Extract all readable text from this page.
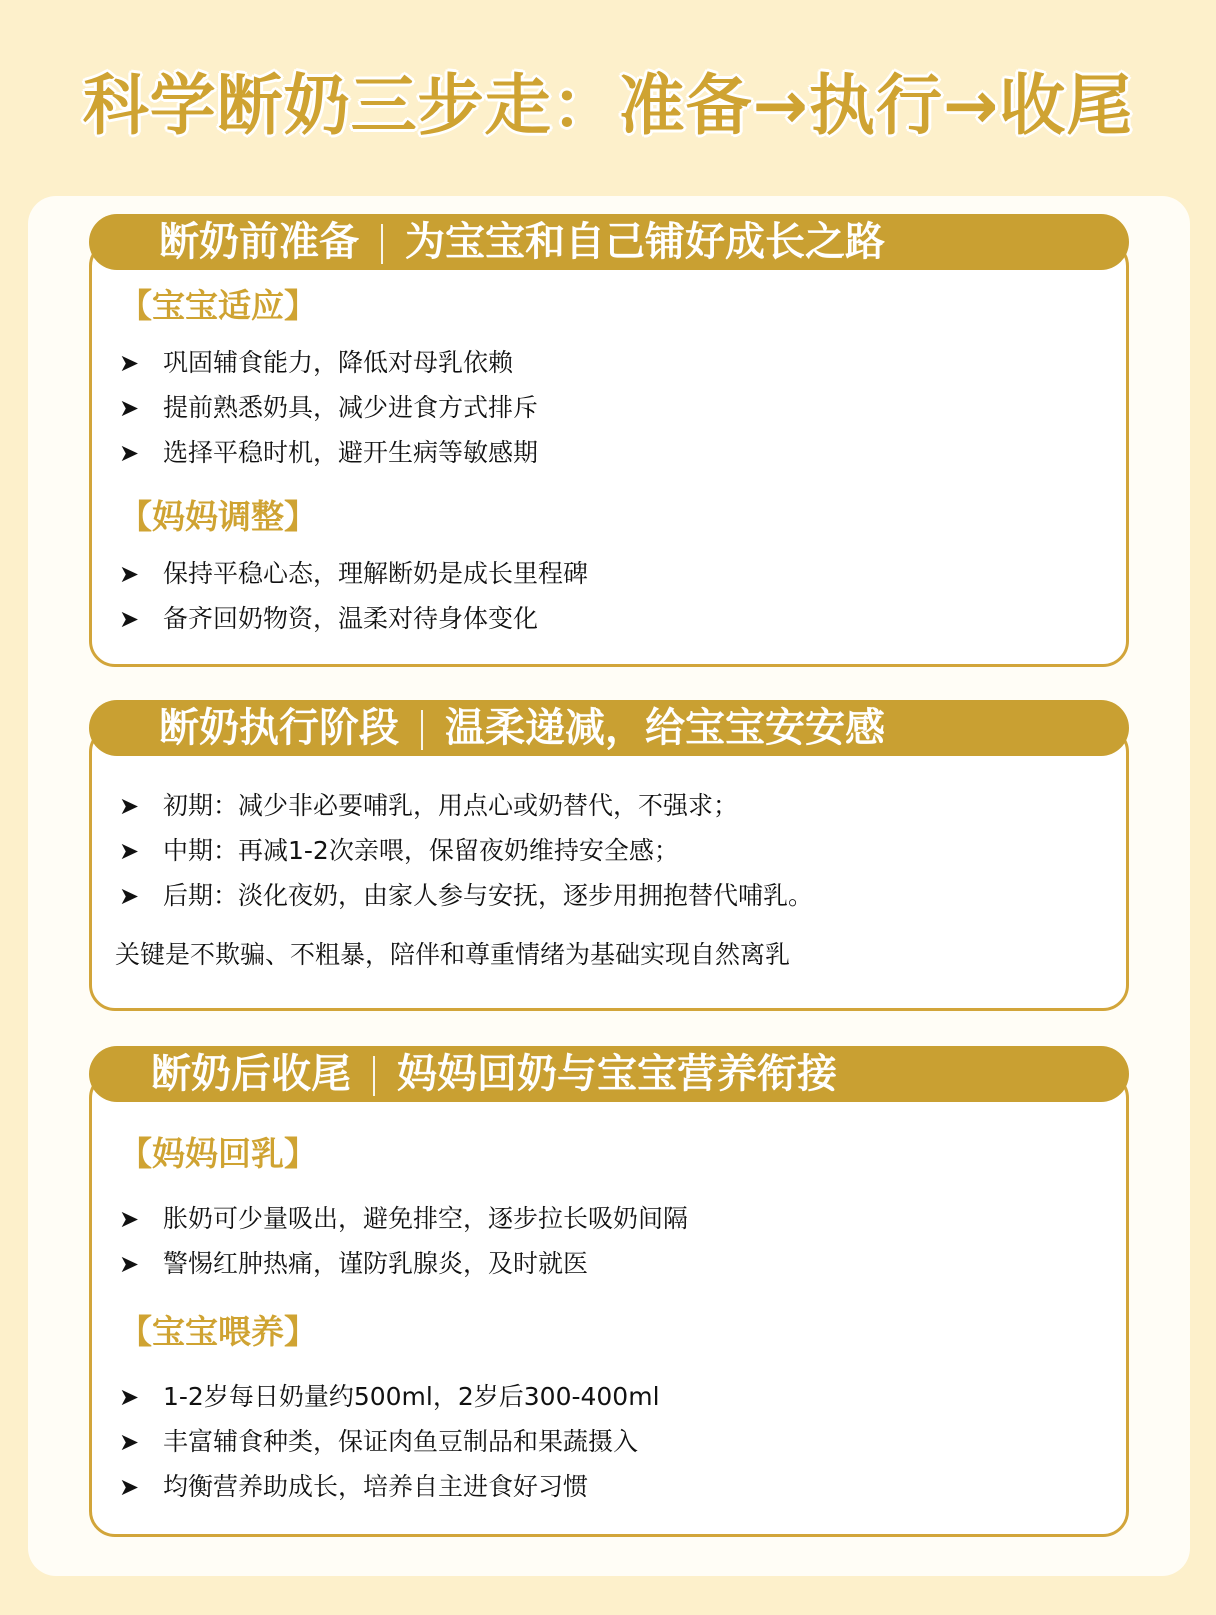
科学断奶三步走：准备→执行→收尾
断奶前准备 为宝宝和自己铺好成长之路
【宝宝适应】
➤ 巩固辅食能力，降低对母乳依赖
➤ 提前熟悉奶具，减少进食方式排斥
➤ 选择平稳时机，避开生病等敏感期
【妈妈调整】
➤ 保持平稳心态，理解断奶是成长里程碑
➤ 备齐回奶物资，温柔对待身体变化
断奶执行阶段 温柔递减，给宝宝安安感
➤ 初期：减少非必要哺乳，用点心或奶替代，不强求；
➤ 中期：再减1-2次亲喂，保留夜奶维持安全感；
➤ 后期：淡化夜奶，由家人参与安抚，逐步用拥抱替代哺乳。
关键是不欺骗、不粗暴，陪伴和尊重情绪为基础实现自然离乳
断奶后收尾 妈妈回奶与宝宝营养衔接
【妈妈回乳】
➤ 胀奶可少量吸出，避免排空，逐步拉长吸奶间隔
➤ 警惕红肿热痛，谨防乳腺炎，及时就医
【宝宝喂养】
➤ 1-2岁每日奶量约500ml，2岁后300-400ml
➤ 丰富辅食种类，保证肉鱼豆制品和果蔬摄入
➤ 均衡营养助成长，培养自主进食好习惯
